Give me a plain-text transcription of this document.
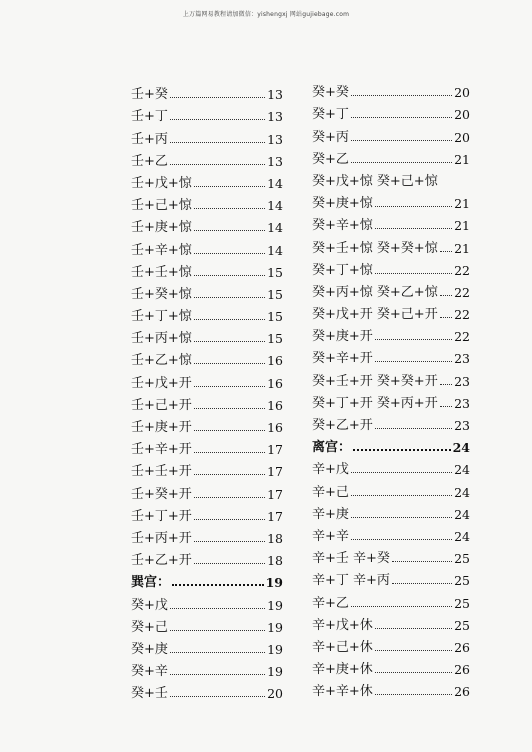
上万篇网易教程请加微信：yishengxj 网站gujiebage.com
壬+癸	13
壬+丁	13
壬+丙	13
壬+乙	13
壬+戊+惊	14
壬+己+惊	14
壬+庚+惊	14
壬+辛+惊	14
壬+壬+惊	15
壬+癸+惊	15
壬+丁+惊	15
壬+丙+惊	15
壬+乙+惊	16
壬+戊+开	16
壬+己+开	16
壬+庚+开	16
壬+辛+开	17
壬+壬+开	17
壬+癸+开	17
壬+丁+开	17
壬+丙+开	18
壬+乙+开	18
巽宫：	19
癸+戊	19
癸+己	19
癸+庚	19
癸+辛	19
癸+壬	20
癸+癸	20
癸+丁	20
癸+丙	20
癸+乙	21
癸+戊+惊 癸+己+惊
癸+庚+惊	21
癸+辛+惊	21
癸+壬+惊 癸+癸+惊 21
癸+丁+惊	22
癸+丙+惊 癸+乙+惊 22
癸+戊+开 癸+己+开 22
癸+庚+开	22
癸+辛+开	23
癸+壬+开 癸+癸+开 23
癸+丁+开 癸+丙+开 23
癸+乙+开	23
离宫：	24
辛+戊	24
辛+己	24
辛+庚	24
辛+辛	24
辛+壬 辛+癸	25
辛+丁 辛+丙	25
辛+乙	25
辛+戊+休	25
辛+己+休	26
辛+庚+休	26
辛+辛+休	26
